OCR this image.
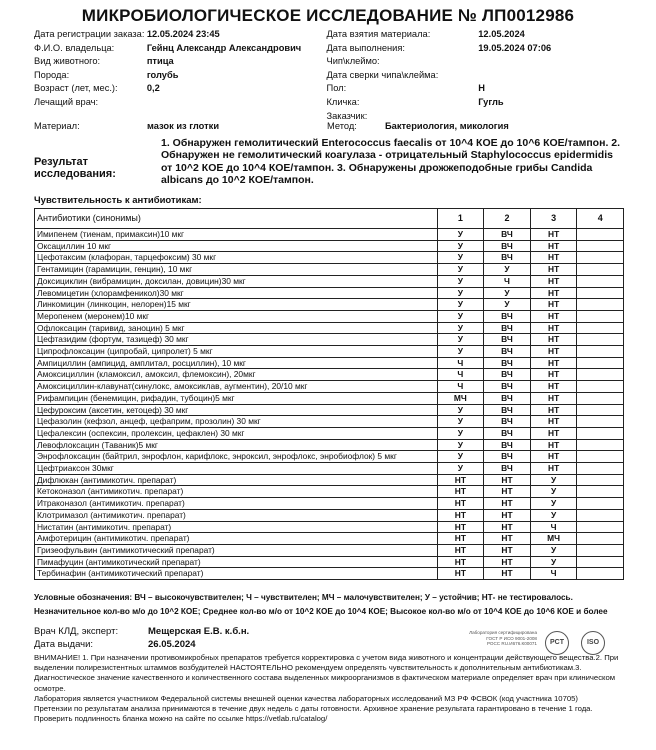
МИКРОБИОЛОГИЧЕСКОЕ ИССЛЕДОВАНИЕ № ЛП0012986
Дата регистрации заказа: 12.05.2024 23:45	Дата взятия материала:	12.05.2024
Ф.И.О. владельца:	Гейнц Александр Александрович	Дата выполнения:	19.05.2024 07:06
Вид животного:	птица	Чип\клеймо:
Порода:	голубь	Дата сверки чипа\клейма:
Возраст (лет, мес.):	0,2	Пол:	Н
Лечащий врач:	Кличка:	Гугль
Заказчик:
Материал:	мазок из глотки	Метод:	Бактериология, микология
Результат исследования:
1. Обнаружен гемолитический Enterococcus faecalis от 10^4 КОЕ до 10^6 КОЕ/тампон. 2. Обнаружен не гемолитический коагулаза - отрицательный Staphylococcus epidermidis от 10^2 КОЕ до 10^4 КОЕ/тампон. 3. Обнаружены дрожжеподобные грибы Candida albicans до 10^2 КОЕ/тампон.
Чувствительность к антибиотикам:
Антибиотики (синонимы)	1	2	3	4
Имипенем (тиенам, примаксин)10 мкг	У	ВЧ	НТ	
Оксациллин 10 мкг	У	ВЧ	НТ	
Цефотаксим (клафоран, тарцефоксим) 30 мкг	У	ВЧ	НТ	
Гентамицин (гарамицин, генцин), 10 мкг	У	У	НТ	
Доксициклин (вибрамицин, доксилан, довицин)30 мкг	У	Ч	НТ	
Левомицетин (хлорамфеникол)30 мкг	У	У	НТ	
Линкомицин (линкоцин, нелорен)15 мкг	У	У	НТ	
Меропенем (меронем)10 мкг	У	ВЧ	НТ	
Офлоксацин (таривид, заноцин) 5 мкг	У	ВЧ	НТ	
Цефтазидим (фортум, тазицеф) 30 мкг	У	ВЧ	НТ	
Ципрофлоксацин (ципробай, ципролет) 5 мкг	У	ВЧ	НТ	
Ампициллин (ампицид, амплитал, росциллин), 10 мкг	Ч	ВЧ	НТ	
Амоксициллин (кламоксил, амоксил, флемоксин), 20мкг	Ч	ВЧ	НТ	
Амоксициллин-клавунат(синулокс, амоксиклав, аугментин), 20/10 мкг	Ч	ВЧ	НТ	
Рифампицин (бенемицин, рифадин, тубоцин)5 мкг	МЧ	ВЧ	НТ	
Цефуроксим (аксетин, кетоцеф) 30 мкг	У	ВЧ	НТ	
Цефазолин (кефзол, анцеф, цефаприм, прозолин) 30 мкг	У	ВЧ	НТ	
Цефалексин (оспексин, пролексин, цефаклен) 30 мкг	У	ВЧ	НТ	
Левофлоксацин (Таваник)5 мкг	У	ВЧ	НТ	
Энрофлоксацин (байтрил, энрофлон, карифлокс, энроксил, энрофлокс, энробиофлок) 5 мкг	У	ВЧ	НТ	
Цефтриаксон 30мкг	У	ВЧ	НТ	
Дифлюкан (антимикотич. препарат)	НТ	НТ	У	
Кетоконазол (антимикотич. препарат)	НТ	НТ	У	
Итраконазол (антимикотич. препарат)	НТ	НТ	У	
Клотримазол (антимикотич. препарат)	НТ	НТ	У	
Нистатин (антимикотич. препарат)	НТ	НТ	Ч	
Амфотерицин (антимикотич. препарат)	НТ	НТ	МЧ	
Гризеофульвин (антимикотический препарат)	НТ	НТ	У	
Пимафуцин (антимикотический препарат)	НТ	НТ	У	
Тербинафин (антимикотический препарат)	НТ	НТ	Ч	
Условные обозначения: ВЧ – высокочувствителен; Ч – чувствителен; МЧ – малочувствителен; У – устойчив; НТ- не тестировалось.
Незначительное кол-во м/о до 10^2 КОЕ; Среднее кол-во м/о от 10^2 КОЕ до 10^4 КОЕ; Высокое кол-во м/о от 10^4 КОЕ до 10^6 КОЕ и более
Врач КЛД, эксперт:	Мещерская Е.В. к.б.н.
Дата выдачи:	26.05.2024
Лаборатория сертифицирована
ГОСТ Р ИСО 9001-2008
РОСС RU.И676.К00071	PCT	ISO
ВНИМАНИЕ! 1. При назначении противомикробных препаратов требуется корректировка с учетом вида животного и концентрации действующего вещества.2. При выделении полирезистентных штаммов возбудителей НАСТОЯТЕЛЬНО рекомендуем определять чувствительность к дополнительным антибиотикам.3. Диагностическое значение качественного и количественного состава выделенных микроорганизмов в фактическом материале определяет врач при клиническом осмотре.
Лаборатория является участником Федеральной системы внешней оценки качества лабораторных исследований МЗ РФ ФСВОК (код участника 10705)
Претензии по результатам анализа принимаются в течение двух недель с даты готовности. Архивное хранение результата гарантировано в течение 1 года.
Проверить подлинность бланка можно на сайте по ссылке https://vetlab.ru/catalog/
